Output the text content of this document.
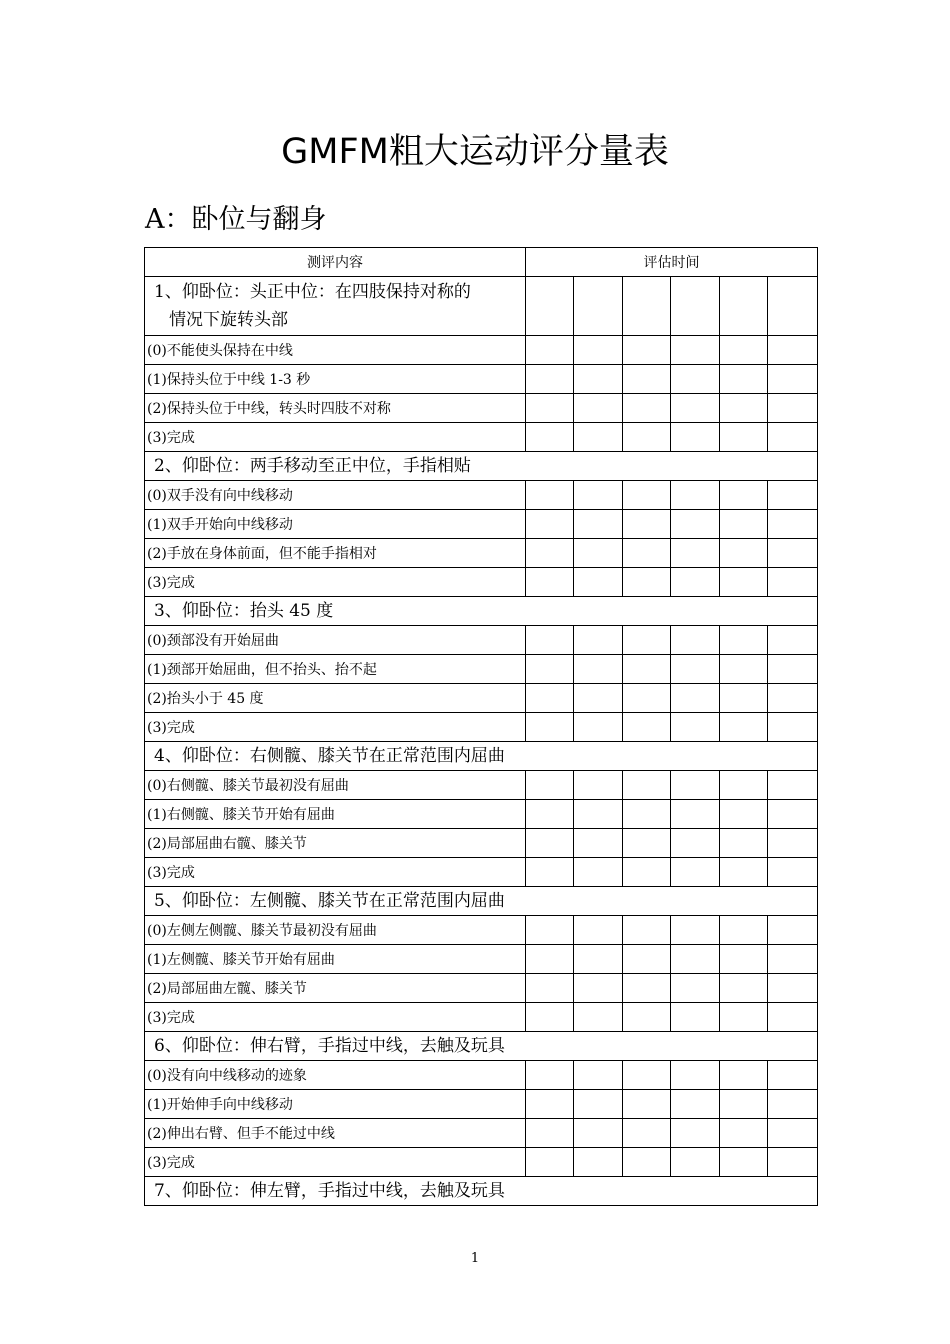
GMFM粗大运动评分量表
A：卧位与翻身
测评内容	评估时间					

1、仰卧位：头正中位：在四肢保持对称的
情况下旋转头部						

(0)不能使头保持在中线						
(1)保持头位于中线 1-3 秒						
(2)保持头位于中线，转头时四肢不对称						
(3)完成						
2、仰卧位：两手移动至正中位，手指相贴						
(0)双手没有向中线移动						
(1)双手开始向中线移动						
(2)手放在身体前面，但不能手指相对						
(3)完成						
3、仰卧位：抬头 45 度						
(0)颈部没有开始屈曲						
(1)颈部开始屈曲，但不抬头、抬不起						
(2)抬头小于 45 度						
(3)完成						
4、仰卧位：右侧髋、膝关节在正常范围内屈曲						
(0)右侧髋、膝关节最初没有屈曲						
(1)右侧髋、膝关节开始有屈曲						
(2)局部屈曲右髋、膝关节						
(3)完成						
5、仰卧位：左侧髋、膝关节在正常范围内屈曲						
(0)左侧左侧髋、膝关节最初没有屈曲						
(1)左侧髋、膝关节开始有屈曲						
(2)局部屈曲左髋、膝关节						
(3)完成						
6、仰卧位：伸右臂，手指过中线，去触及玩具						
(0)没有向中线移动的迹象						
(1)开始伸手向中线移动						
(2)伸出右臂、但手不能过中线						
(3)完成						
7、仰卧位：伸左臂，手指过中线，去触及玩具						
1
